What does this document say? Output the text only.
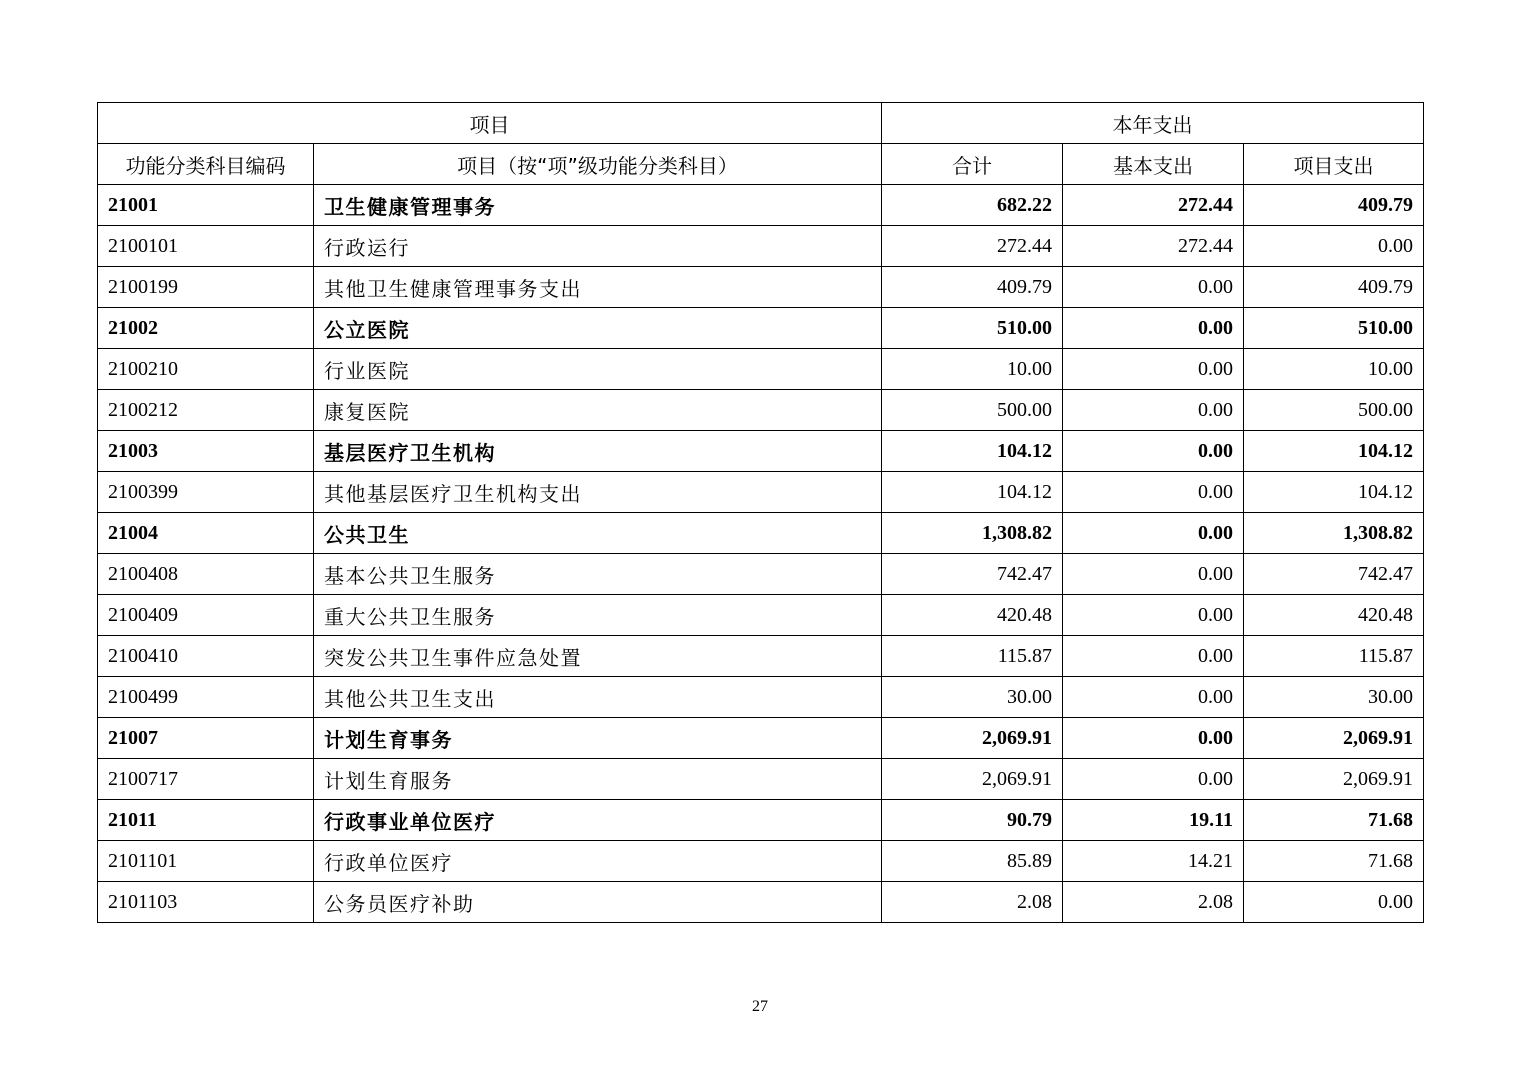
项目		本年支出		
功能分类科目编码	项目（按“项”级功能分类科目）	合计	基本支出	项目支出
21001	卫生健康管理事务	682.22	272.44	409.79
2100101	行政运行	272.44	272.44	0.00
2100199	其他卫生健康管理事务支出	409.79	0.00	409.79
21002	公立医院	510.00	0.00	510.00
2100210	行业医院	10.00	0.00	10.00
2100212	康复医院	500.00	0.00	500.00
21003	基层医疗卫生机构	104.12	0.00	104.12
2100399	其他基层医疗卫生机构支出	104.12	0.00	104.12
21004	公共卫生	1,308.82	0.00	1,308.82
2100408	基本公共卫生服务	742.47	0.00	742.47
2100409	重大公共卫生服务	420.48	0.00	420.48
2100410	突发公共卫生事件应急处置	115.87	0.00	115.87
2100499	其他公共卫生支出	30.00	0.00	30.00
21007	计划生育事务	2,069.91	0.00	2,069.91
2100717	计划生育服务	2,069.91	0.00	2,069.91
21011	行政事业单位医疗	90.79	19.11	71.68
2101101	行政单位医疗	85.89	14.21	71.68
2101103	公务员医疗补助	2.08	2.08	0.00
27
